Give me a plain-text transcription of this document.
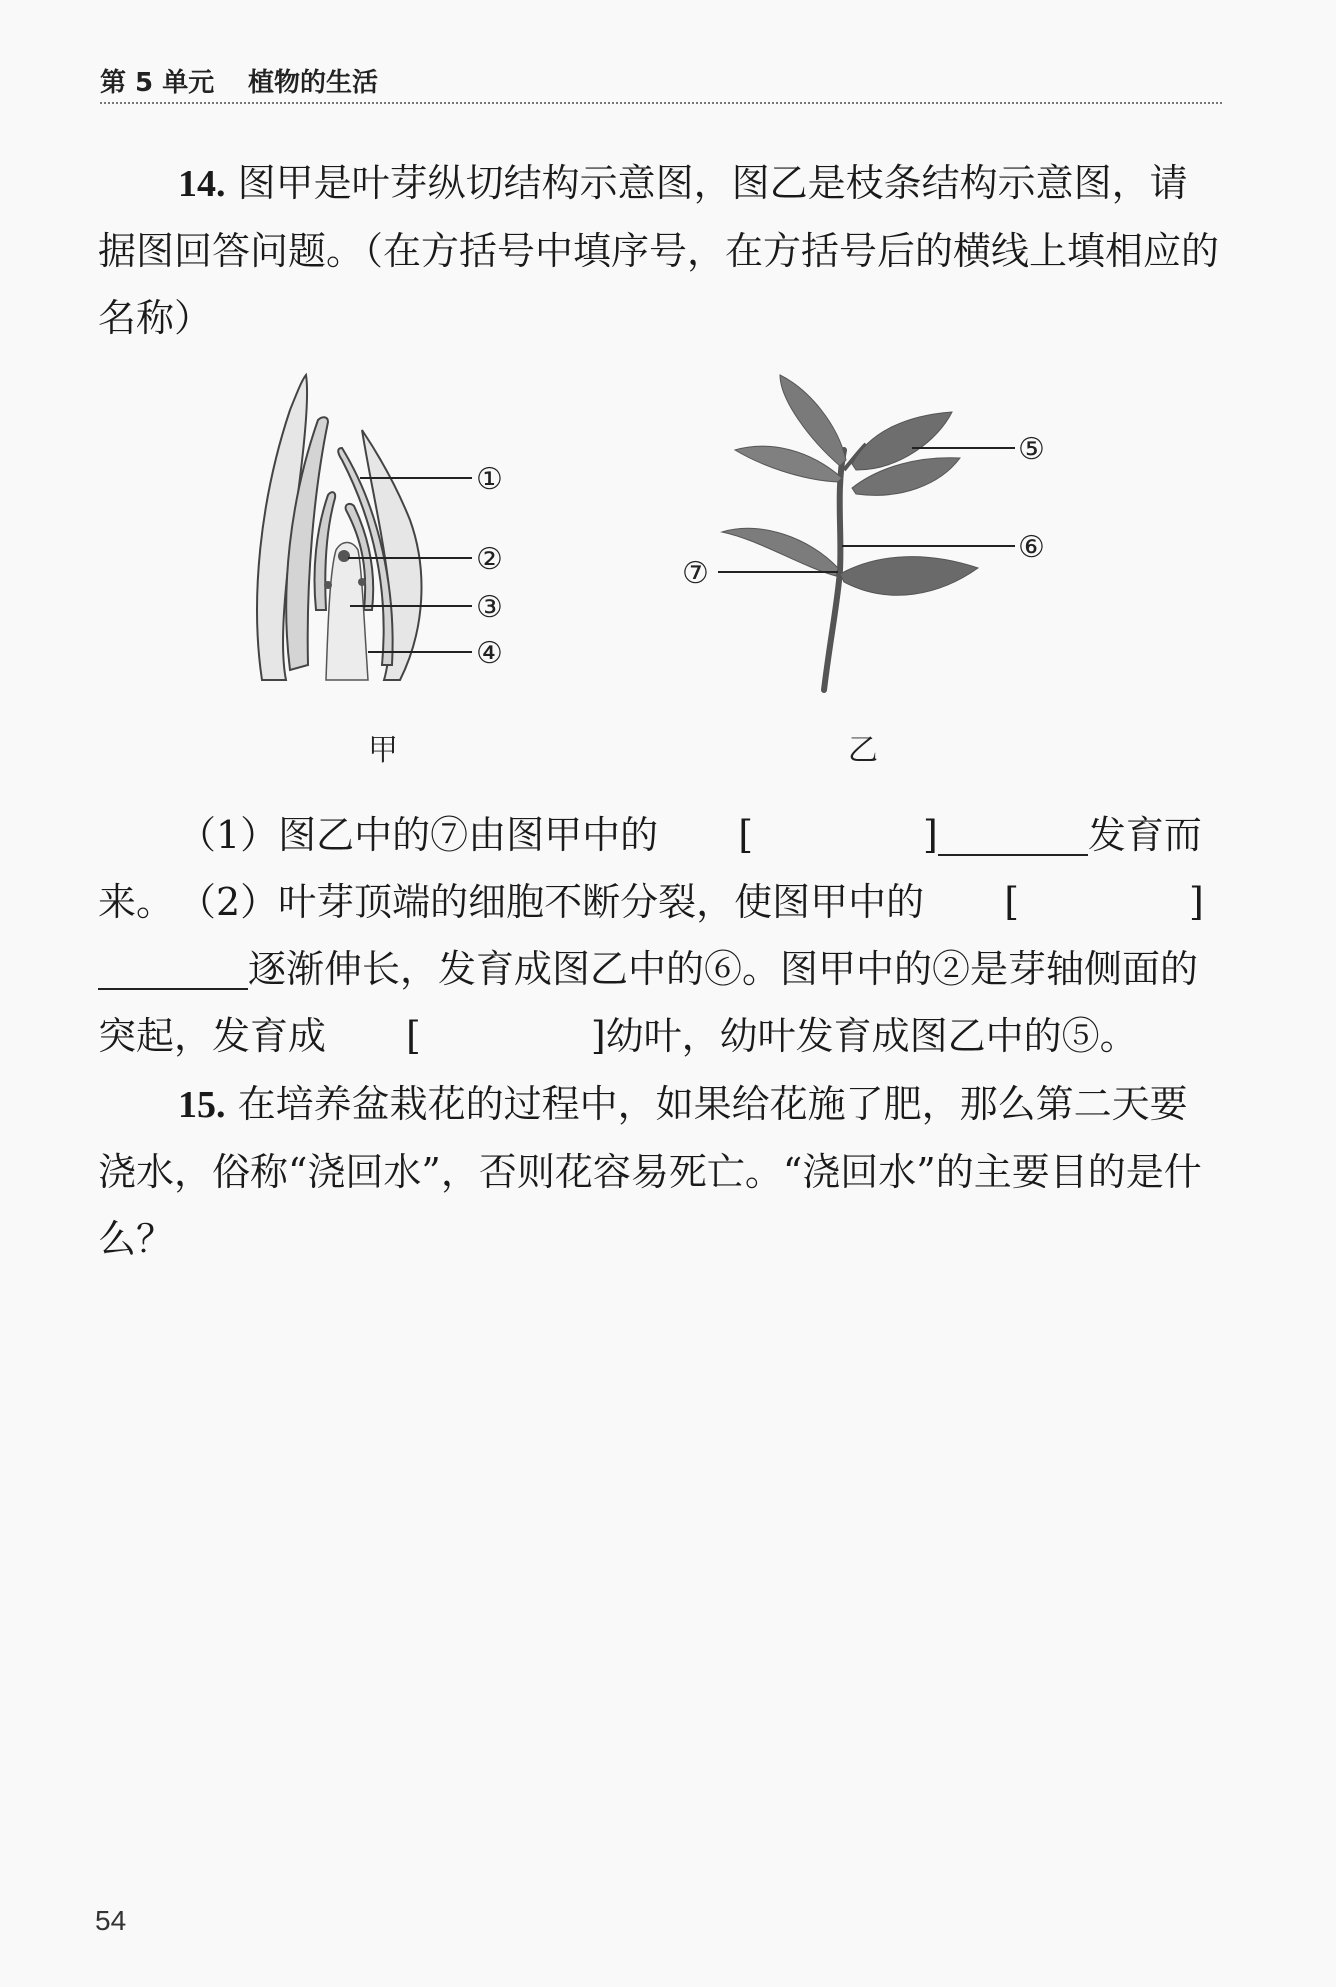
第 5 单元 植物的生活

14. 图甲是叶芽纵切结构示意图，图乙是枝条结构示意图，请据图回答问题。（在方括号中填序号，在方括号后的横线上填相应的名称）

①
②
③
④
甲
⑤
⑥
⑦
乙

（1）图乙中的⑦由图甲中的 [	]	发育而来。 （2）叶芽顶端的细胞不断分裂，使图甲中的 [	]逐渐伸长，发育成图乙中的⑥。图甲中的②是芽轴侧面的突起，发育成 [	]幼叶，幼叶发育成图乙中的⑤。

15. 在培养盆栽花的过程中，如果给花施了肥，那么第二天要浇水，俗称“浇回水”，否则花容易死亡。“浇回水”的主要目的是什么？

54
